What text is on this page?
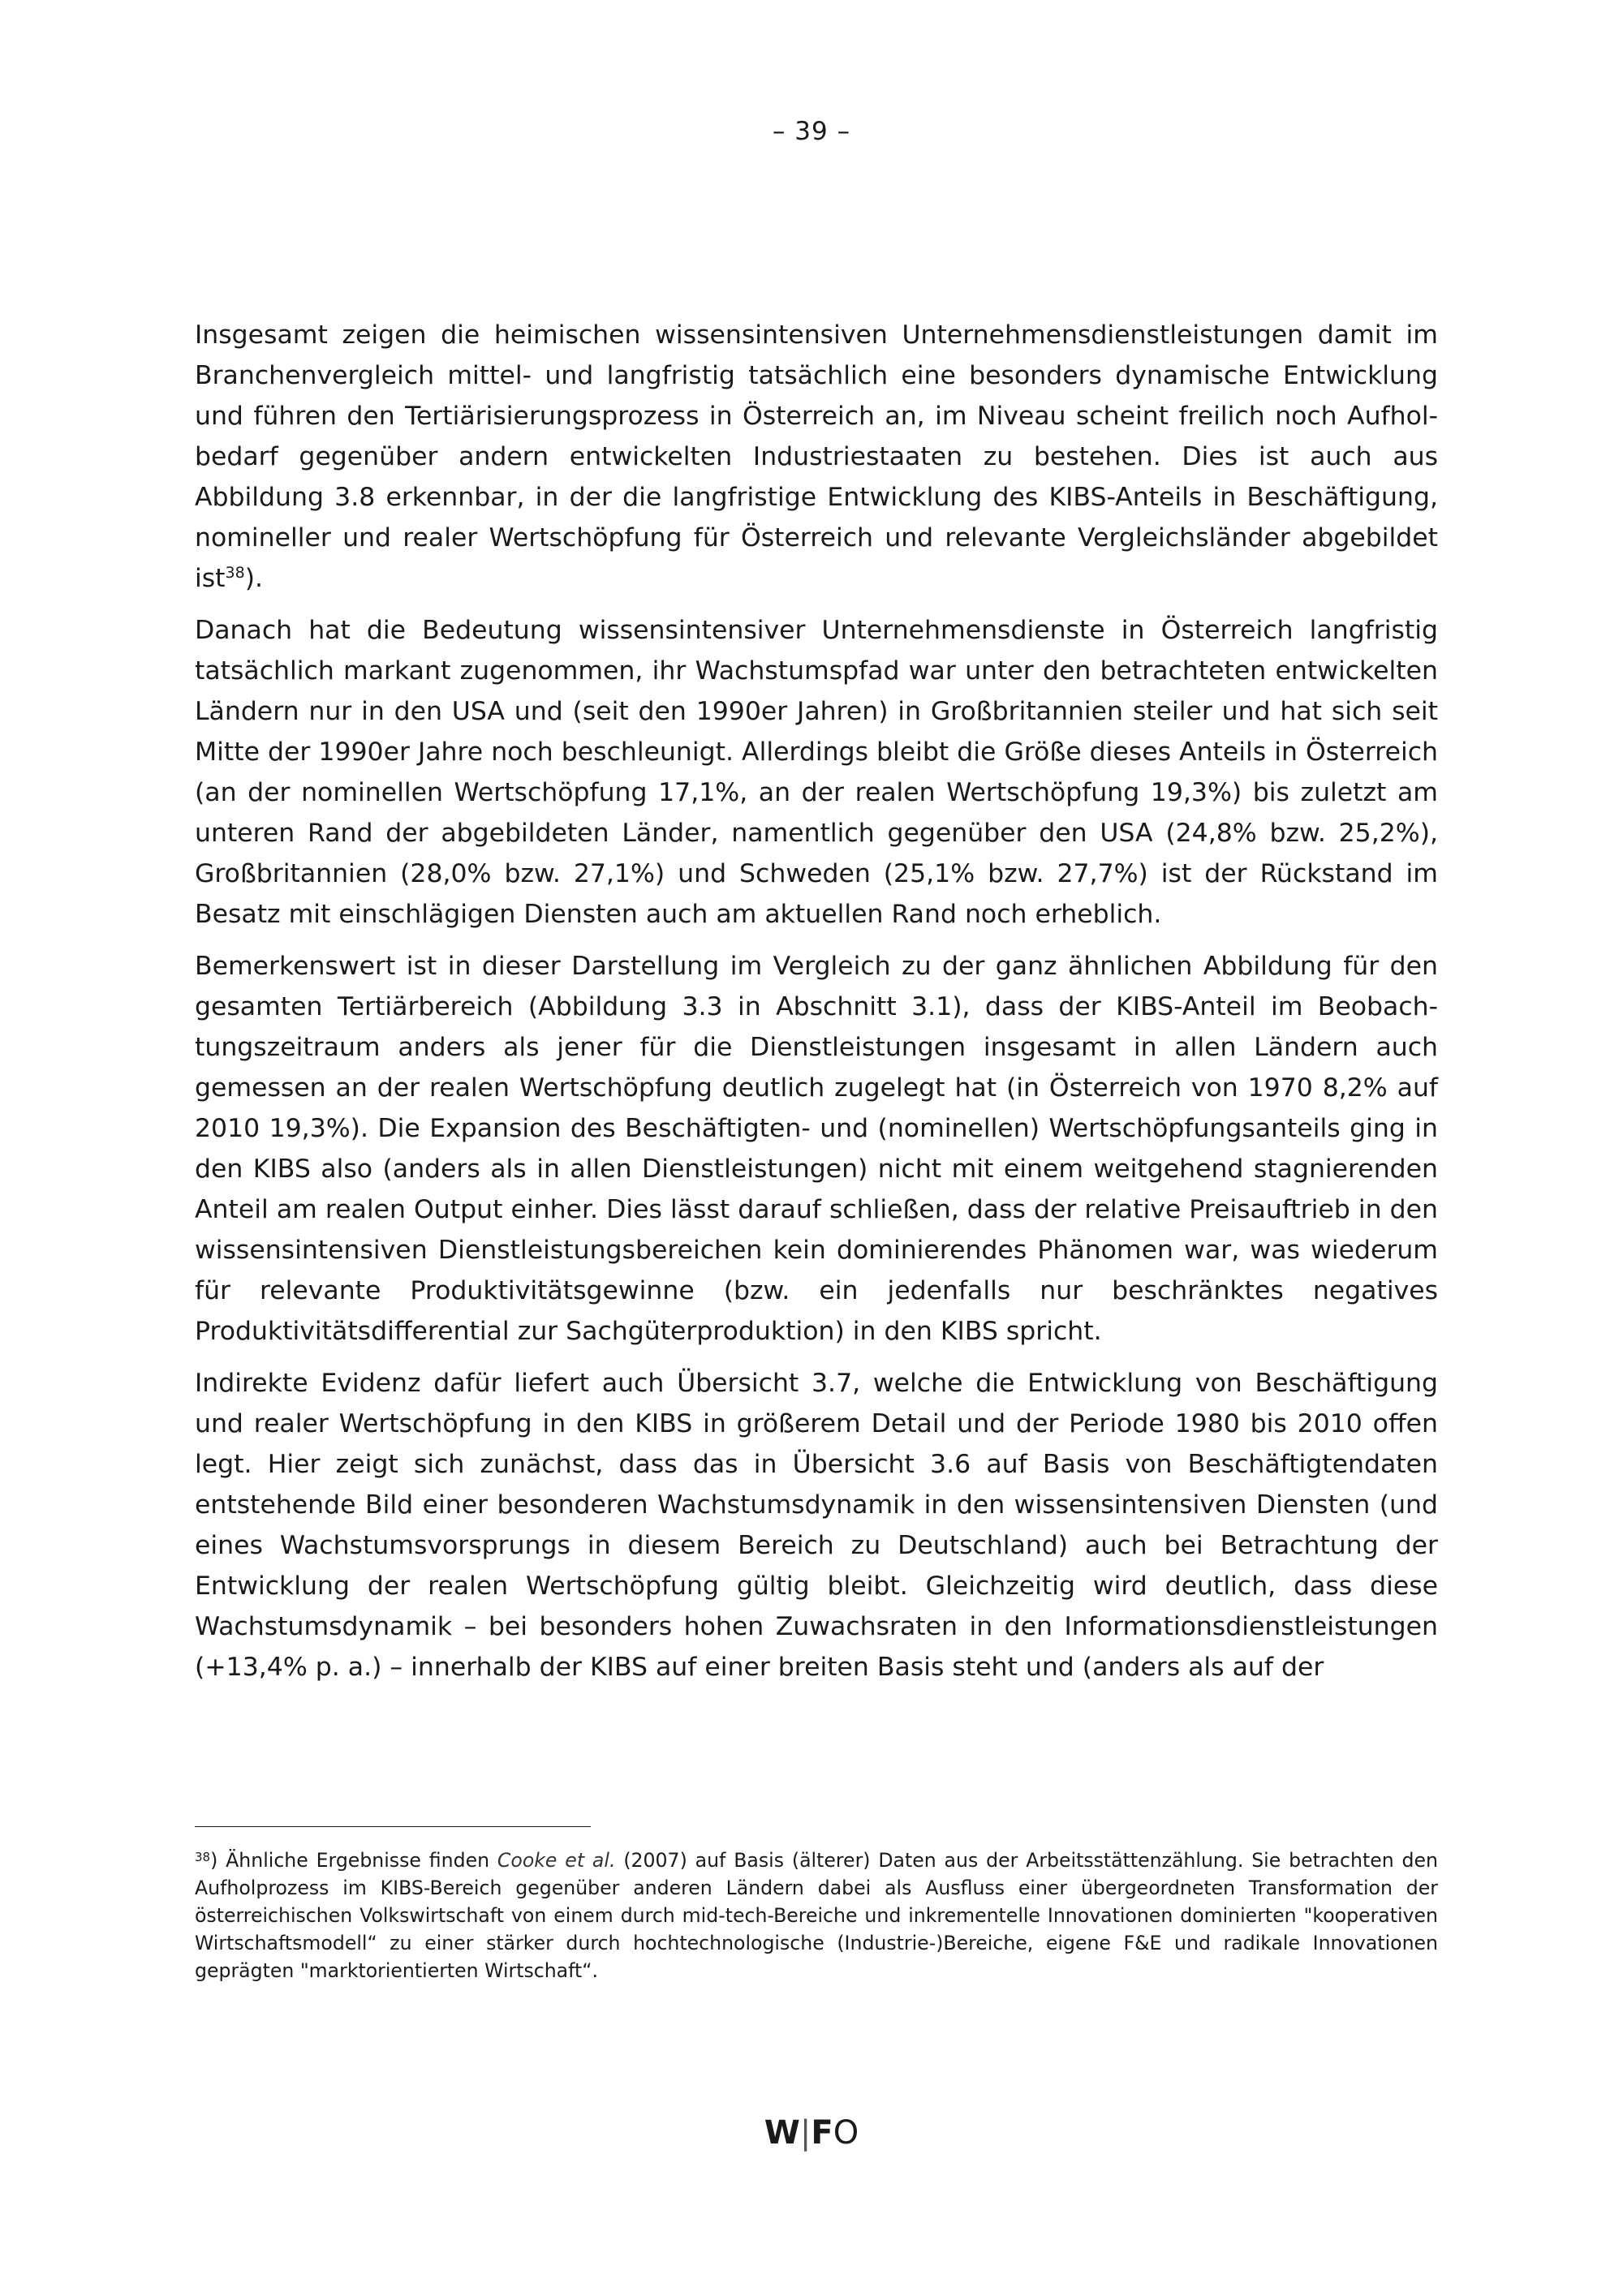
– 39 –

Insgesamt zeigen die heimischen wissensintensiven Unternehmensdienstleistungen damit im Branchenvergleich mittel- und langfristig tatsächlich eine besonders dynamische Entwicklung und führen den Tertiärisierungsprozess in Österreich an, im Niveau scheint freilich noch Aufholbedarf gegenüber andern entwickelten Industriestaaten zu bestehen. Dies ist auch aus Abbildung 3.8 erkennbar, in der die langfristige Entwicklung des KIBS-Anteils in Beschäftigung, nomineller und realer Wertschöpfung für Österreich und relevante Vergleichsländer abgebildet ist$^{38}$).

Danach hat die Bedeutung wissensintensiver Unternehmensdienste in Österreich langfristig tatsächlich markant zugenommen, ihr Wachstumspfad war unter den betrachteten entwickelten Ländern nur in den USA und (seit den 1990er Jahren) in Großbritannien steiler und hat sich seit Mitte der 1990er Jahre noch beschleunigt. Allerdings bleibt die Größe dieses Anteils in Österreich (an der nominellen Wertschöpfung 17,1%, an der realen Wertschöpfung 19,3%) bis zuletzt am unteren Rand der abgebildeten Länder, namentlich gegenüber den USA (24,8% bzw. 25,2%), Großbritannien (28,0% bzw. 27,1%) und Schweden (25,1% bzw. 27,7%) ist der Rückstand im Besatz mit einschlägigen Diensten auch am aktuellen Rand noch erheblich.

Bemerkenswert ist in dieser Darstellung im Vergleich zu der ganz ähnlichen Abbildung für den gesamten Tertiärbereich (Abbildung 3.3 in Abschnitt 3.1), dass der KIBS-Anteil im Beobachtungszeitraum anders als jener für die Dienstleistungen insgesamt in allen Ländern auch gemessen an der realen Wertschöpfung deutlich zugelegt hat (in Österreich von 1970 8,2% auf 2010 19,3%). Die Expansion des Beschäftigten- und (nominellen) Wertschöpfungsanteils ging in den KIBS also (anders als in allen Dienstleistungen) nicht mit einem weitgehend stagnierenden Anteil am realen Output einher. Dies lässt darauf schließen, dass der relative Preisauftrieb in den wissensintensiven Dienstleistungsbereichen kein dominierendes Phänomen war, was wiederum für relevante Produktivitätsgewinne (bzw. ein jedenfalls nur beschränktes negatives Produktivitätsdifferential zur Sachgüterproduktion) in den KIBS spricht.

Indirekte Evidenz dafür liefert auch Übersicht 3.7, welche die Entwicklung von Beschäftigung und realer Wertschöpfung in den KIBS in größerem Detail und der Periode 1980 bis 2010 offen legt. Hier zeigt sich zunächst, dass das in Übersicht 3.6 auf Basis von Beschäftigtendaten entstehende Bild einer besonderen Wachstumsdynamik in den wissensintensiven Diensten (und eines Wachstumsvorsprungs in diesem Bereich zu Deutschland) auch bei Betrachtung der Entwicklung der realen Wertschöpfung gültig bleibt. Gleichzeitig wird deutlich, dass diese Wachstumsdynamik – bei besonders hohen Zuwachsraten in den Informationsdienstleistungen (+13,4% p. a.) – innerhalb der KIBS auf einer breiten Basis steht und (anders als auf der

$^{38}$) Ähnliche Ergebnisse finden Cooke et al. (2007) auf Basis (älterer) Daten aus der Arbeitsstättenzählung. Sie betrachten den Aufholprozess im KIBS-Bereich gegenüber anderen Ländern dabei als Ausfluss einer übergeordneten Transformation der österreichischen Volkswirtschaft von einem durch mid-tech-Bereiche und inkrementelle Innovationen dominierten "kooperativen Wirtschaftsmodell“ zu einer stärker durch hochtechnologische (Industrie-)Bereiche, eigene F&E und radikale Innovationen geprägten "marktorientierten Wirtschaft“.

W|FO
